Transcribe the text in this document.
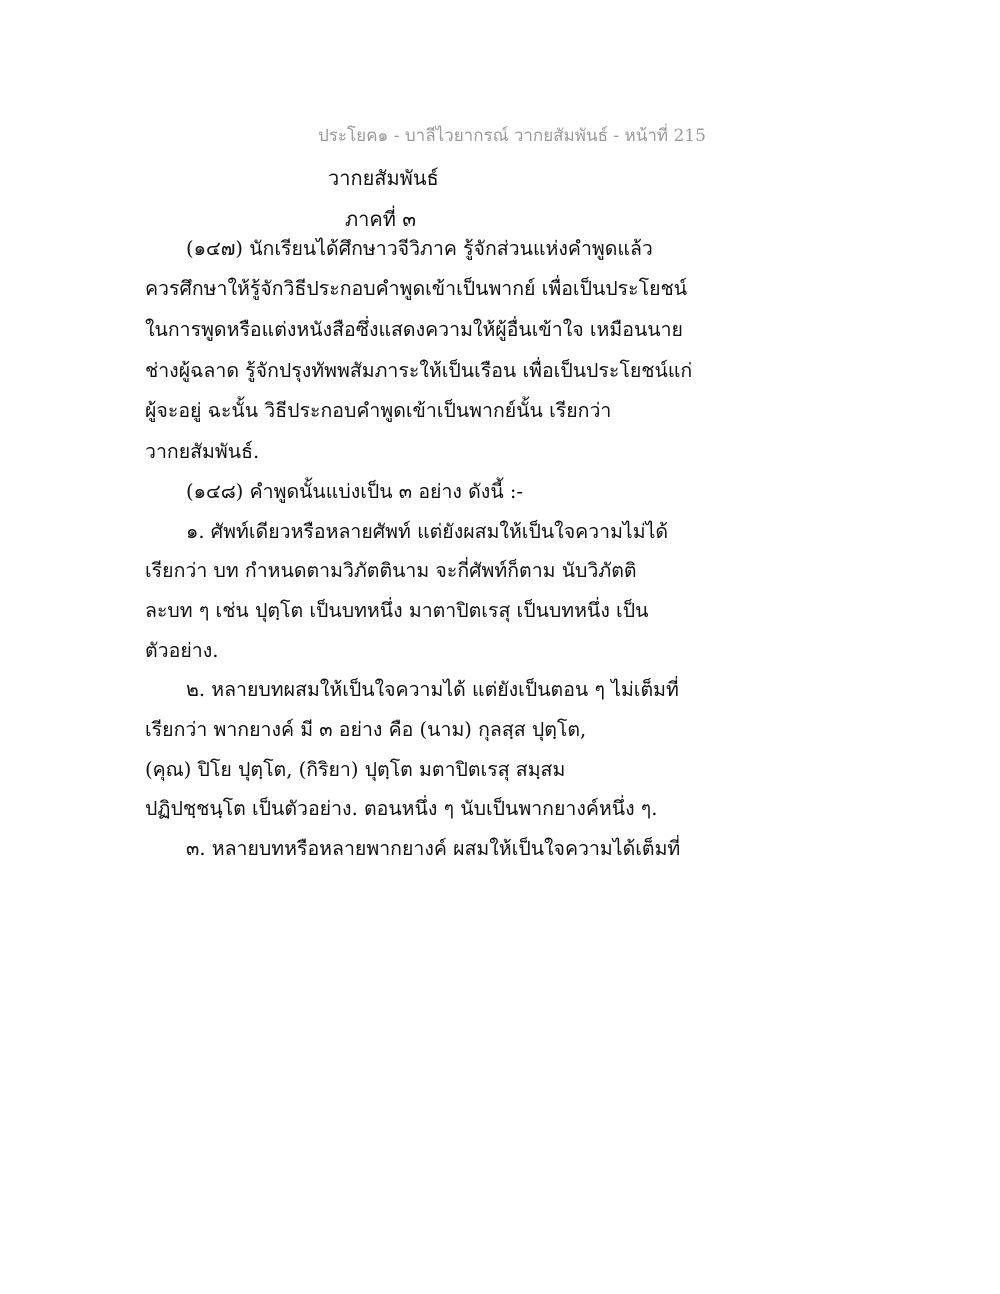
ประโยค๑ - บาลีไวยากรณ์ วากยสัมพันธ์ - หน้าที่ 215
วากยสัมพันธ์
ภาคที่ ๓
(๑๔๗) นักเรียนได้ศึกษาวจีวิภาค รู้จักส่วนแห่งคำพูดแล้ว
ควรศึกษาให้รู้จักวิธีประกอบคำพูดเข้าเป็นพากย์ เพื่อเป็นประโยชน์
ในการพูดหรือแต่งหนังสือซึ่งแสดงความให้ผู้อื่นเข้าใจ เหมือนนาย
ช่างผู้ฉลาด รู้จักปรุงทัพพสัมภาระให้เป็นเรือน เพื่อเป็นประโยชน์แก่
ผู้จะอยู่ ฉะนั้น วิธีประกอบคำพูดเข้าเป็นพากย์นั้น เรียกว่า
วากยสัมพันธ์.
(๑๔๘) คำพูดนั้นแบ่งเป็น ๓ อย่าง ดังนี้ :-
๑. ศัพท์เดียวหรือหลายศัพท์ แต่ยังผสมให้เป็นใจความไม่ได้
เรียกว่า บท กำหนดตามวิภัตตินาม จะกี่ศัพท์ก็ตาม นับวิภัตติ
ละบท ๆ เช่น ปุตฺโต เป็นบทหนึ่ง มาตาปิตเรสุ เป็นบทหนึ่ง เป็น
ตัวอย่าง.
๒. หลายบทผสมให้เป็นใจความได้ แต่ยังเป็นตอน ๆ ไม่เต็มที่
เรียกว่า พากยางค์ มี ๓ อย่าง คือ (นาม) กุลสฺส ปุตฺโต,
(คุณ) ปิโย ปุตฺโต, (กิริยา) ปุตฺโต มตาปิตเรสุ สมฺสม
ปฏิปชฺชนฺโต เป็นตัวอย่าง. ตอนหนึ่ง ๆ นับเป็นพากยางค์หนึ่ง ๆ.
๓. หลายบทหรือหลายพากยางค์ ผสมให้เป็นใจความได้เต็มที่
